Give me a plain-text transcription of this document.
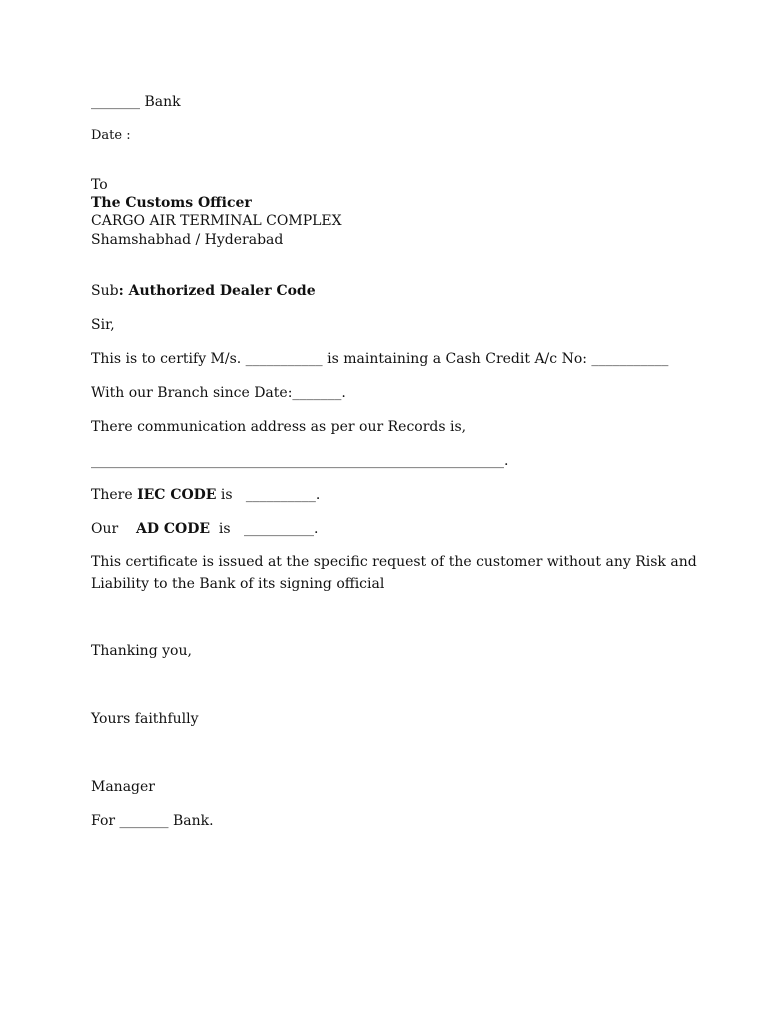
_______ Bank
Date :
To
The Customs Officer
CARGO AIR TERMINAL COMPLEX
Shamshabhad / Hyderabad
Sub: Authorized Dealer Code
Sir,
This is to certify M/s. ___________ is maintaining a Cash Credit A/c No: ___________
With our Branch since Date:_______.
There communication address as per our Records is,
___________________________________________________________.
There IEC CODE is   __________.
Our    AD CODE  is   __________.
This certificate is issued at the specific request of the customer without any Risk and
Liability to the Bank of its signing official
Thanking you,
Yours faithfully
Manager
For _______ Bank.
